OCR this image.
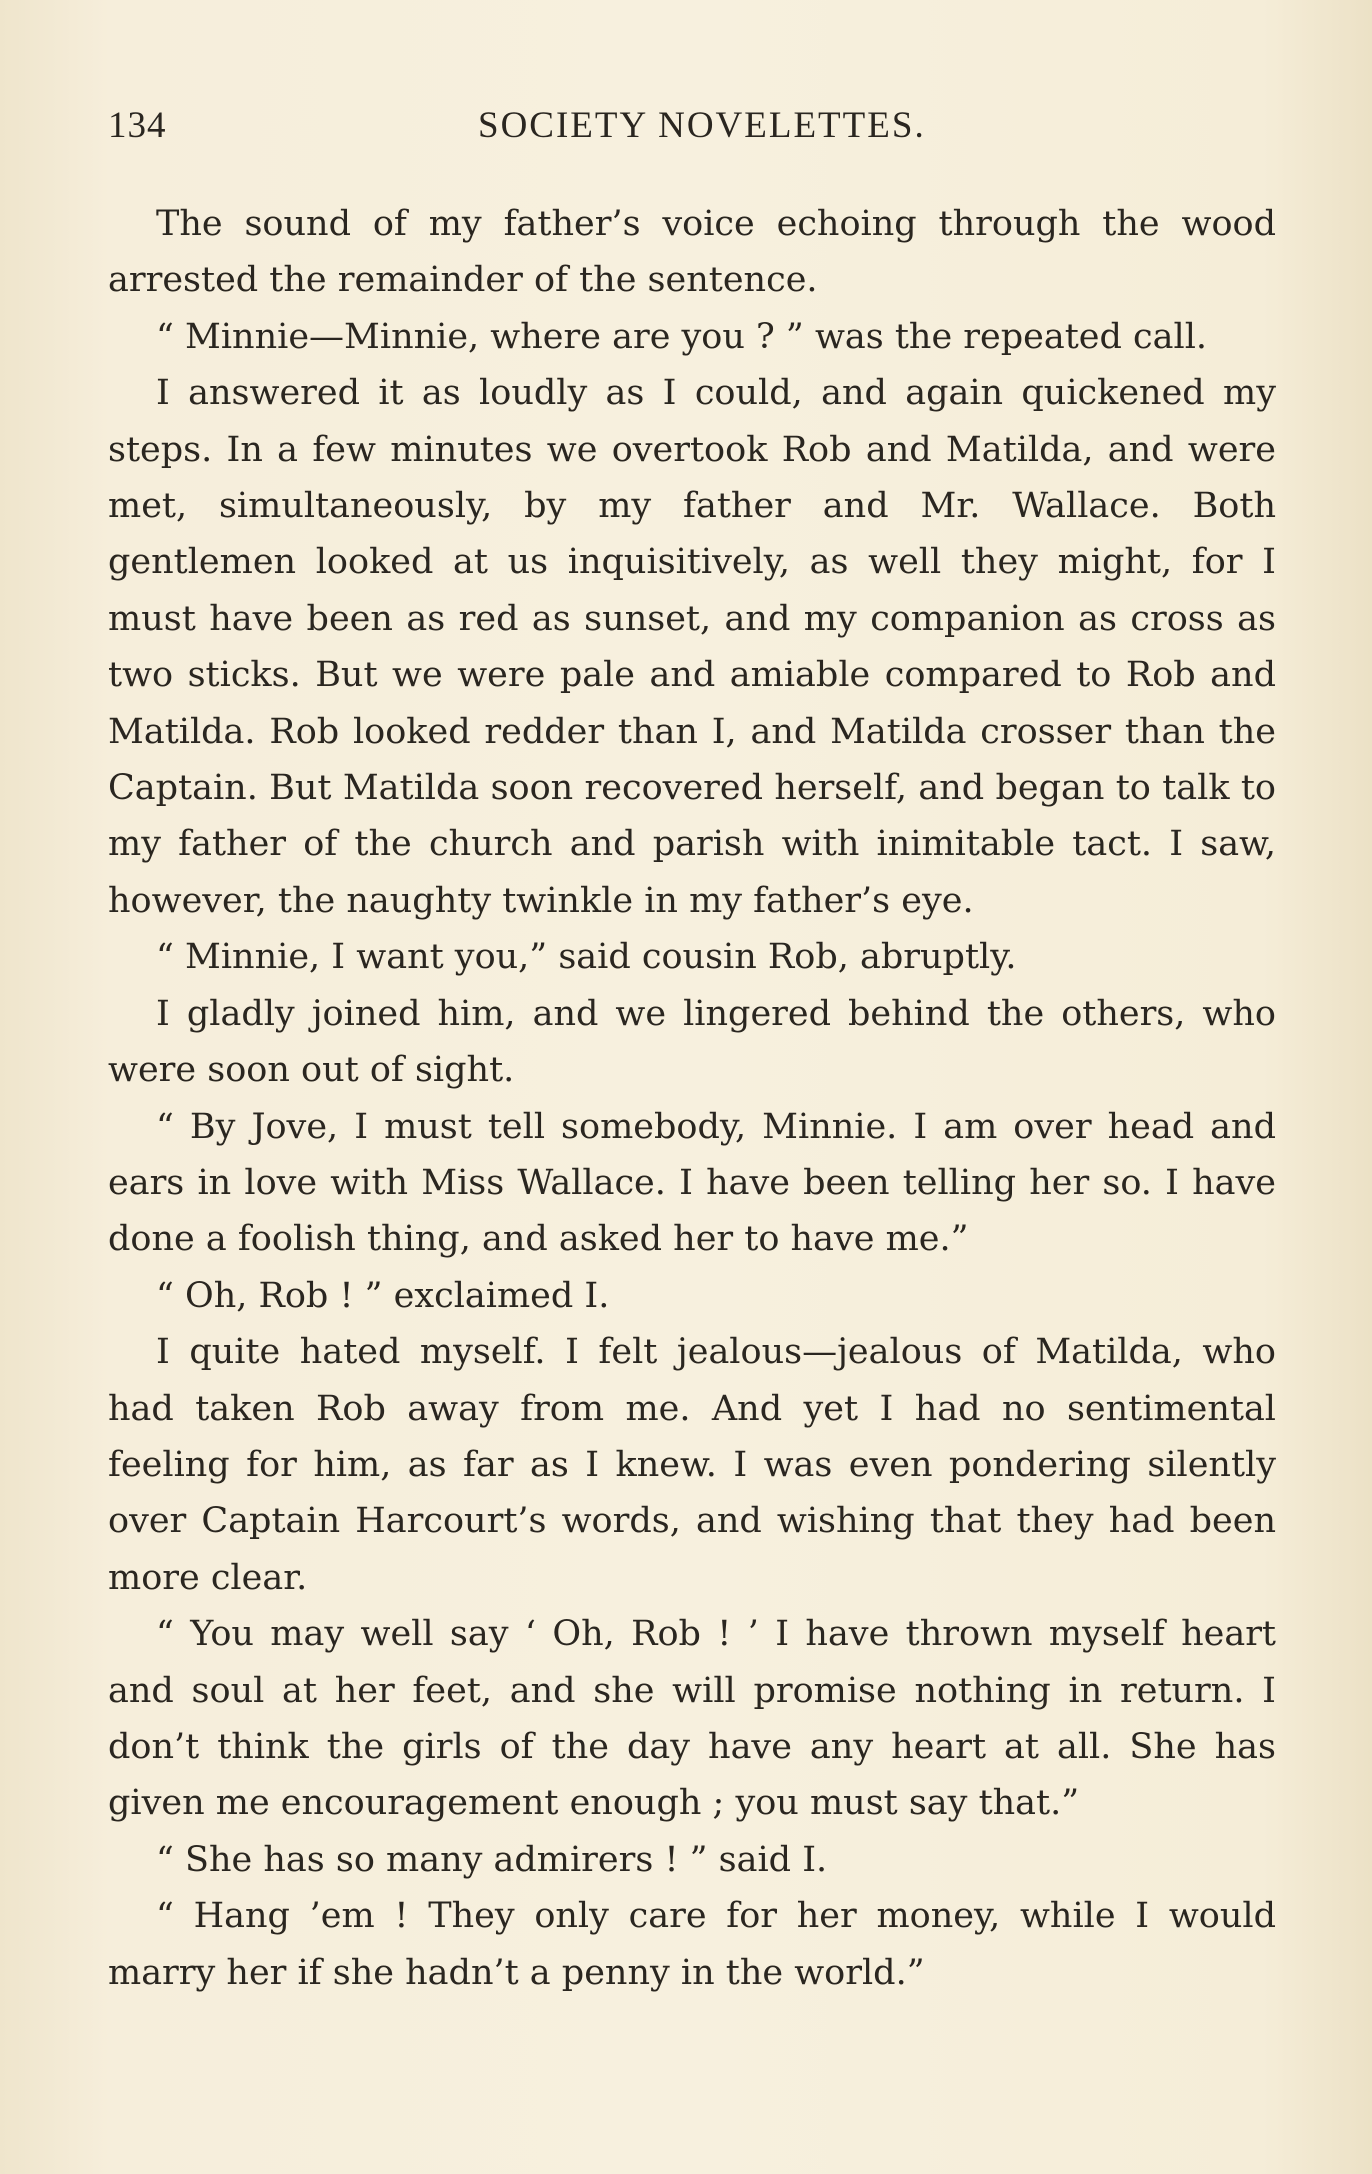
134	SOCIETY NOVELETTES.

The sound of my father’s voice echoing through the wood arrested the remainder of the sentence.

“ Minnie—Minnie, where are you ? ” was the repeated call.

I answered it as loudly as I could, and again quickened my steps. In a few minutes we overtook Rob and Matilda, and were met, simultaneously, by my father and Mr. Wallace. Both gentlemen looked at us inquisitively, as well they might, for I must have been as red as sunset, and my companion as cross as two sticks. But we were pale and amiable compared to Rob and Matilda. Rob looked redder than I, and Matilda crosser than the Captain. But Matilda soon recovered herself, and began to talk to my father of the church and parish with inimitable tact. I saw, however, the naughty twinkle in my father’s eye.

“ Minnie, I want you,” said cousin Rob, abruptly.

I gladly joined him, and we lingered behind the others, who were soon out of sight.

“ By Jove, I must tell somebody, Minnie. I am over head and ears in love with Miss Wallace. I have been telling her so. I have done a foolish thing, and asked her to have me.”

“ Oh, Rob ! ” exclaimed I.

I quite hated myself. I felt jealous—jealous of Matilda, who had taken Rob away from me. And yet I had no sentimental feeling for him, as far as I knew. I was even pondering silently over Captain Harcourt’s words, and wishing that they had been more clear.

“ You may well say ‘ Oh, Rob ! ’ I have thrown myself heart and soul at her feet, and she will promise nothing in return. I don’t think the girls of the day have any heart at all. She has given me encouragement enough ; you must say that.”

“ She has so many admirers ! ” said I.

“ Hang ’em ! They only care for her money, while I would marry her if she hadn’t a penny in the world.”
